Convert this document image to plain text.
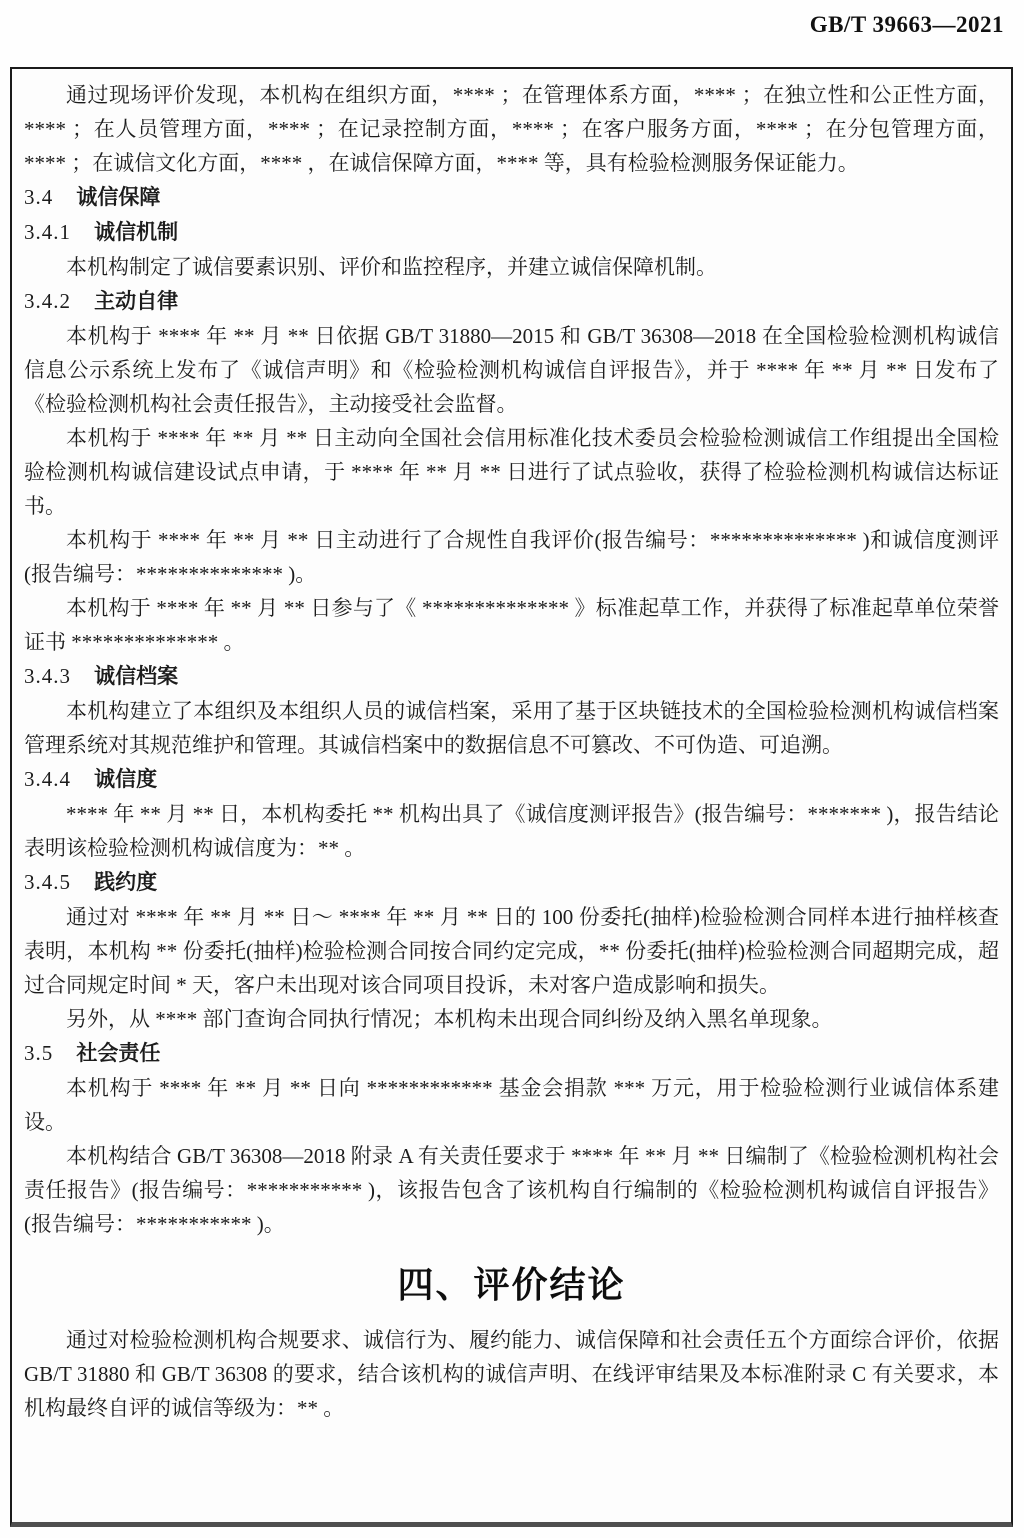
GB/T 39663—2021

通过现场评价发现，本机构在组织方面，**** ；在管理体系方面，**** ；在独立性和公正性方面，**** ；在人员管理方面，**** ；在记录控制方面，**** ；在客户服务方面，**** ；在分包管理方面，**** ；在诚信文化方面，**** ，在诚信保障方面，**** 等，具有检验检测服务保证能力。

3.4 诚信保障

3.4.1 诚信机制

本机构制定了诚信要素识别、评价和监控程序，并建立诚信保障机制。

3.4.2 主动自律

本机构于 **** 年 ** 月 ** 日依据 GB/T 31880—2015 和 GB/T 36308—2018 在全国检验检测机构诚信信息公示系统上发布了《诚信声明》和《检验检测机构诚信自评报告》，并于 **** 年 ** 月 ** 日发布了《检验检测机构社会责任报告》，主动接受社会监督。

本机构于 **** 年 ** 月 ** 日主动向全国社会信用标准化技术委员会检验检测诚信工作组提出全国检验检测机构诚信建设试点申请，于 **** 年 ** 月 ** 日进行了试点验收，获得了检验检测机构诚信达标证书。

本机构于 **** 年 ** 月 ** 日主动进行了合规性自我评价(报告编号：************** )和诚信度测评(报告编号：************** )。

本机构于 **** 年 ** 月 ** 日参与了《 ************** 》标准起草工作，并获得了标准起草单位荣誉证书 ************** 。

3.4.3 诚信档案

本机构建立了本组织及本组织人员的诚信档案，采用了基于区块链技术的全国检验检测机构诚信档案管理系统对其规范维护和管理。其诚信档案中的数据信息不可篡改、不可伪造、可追溯。

3.4.4 诚信度

**** 年 ** 月 ** 日，本机构委托 ** 机构出具了《诚信度测评报告》(报告编号：******* )，报告结论表明该检验检测机构诚信度为：** 。

3.4.5 践约度

通过对 **** 年 ** 月 ** 日～ **** 年 ** 月 ** 日的 100 份委托(抽样)检验检测合同样本进行抽样核查表明，本机构 ** 份委托(抽样)检验检测合同按合同约定完成，** 份委托(抽样)检验检测合同超期完成，超过合同规定时间 * 天，客户未出现对该合同项目投诉，未对客户造成影响和损失。

另外，从 **** 部门查询合同执行情况；本机构未出现合同纠纷及纳入黑名单现象。

3.5 社会责任

本机构于 **** 年 ** 月 ** 日向 ************ 基金会捐款 *** 万元，用于检验检测行业诚信体系建设。

本机构结合 GB/T 36308—2018 附录 A 有关责任要求于 **** 年 ** 月 ** 日编制了《检验检测机构社会责任报告》(报告编号：*********** )，该报告包含了该机构自行编制的《检验检测机构诚信自评报告》(报告编号：*********** )。

四、评价结论

通过对检验检测机构合规要求、诚信行为、履约能力、诚信保障和社会责任五个方面综合评价，依据 GB/T 31880 和 GB/T 36308 的要求，结合该机构的诚信声明、在线评审结果及本标准附录 C 有关要求，本机构最终自评的诚信等级为：** 。
